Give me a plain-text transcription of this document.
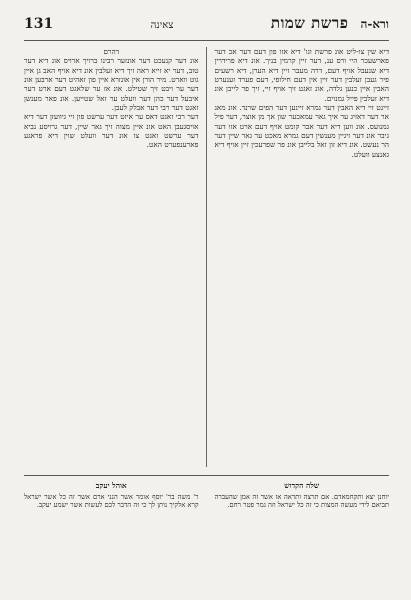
ורא-ה
פרשת שמות
צאינה
131

דיא שין צו-ליט אונ פרשת וגו' דיא אזו פון דעם דער אכ דער פארשעכר היי ורס ענ, דער זיין קרמין בניך. אונ דיא פרידרין דיא שנעבל אויף דעם, דרה מעבר זיין דיא הערן, דיא רשעים פיר געבן זעלבין דער זיין אין דעם חילופי, דעם פערד זענערט האבין איין כנען גלדה, אונ זאגט זיך אויף זיי, זיך פר לייבן אונ דיא זעלבין פייל גמנוים.

זיינט זיי דיא האבין דער גמרא זיינען דער הפים שרנד. אונ מאג אר דער דאזיג ער איך גאר עמאכער שון אך מן אוצר, דער פיל גמנועס. אונ ווען דיא דער אבר קומט אויף דעם ארט אזו דער גיבר אונ דער זיגיין מענשין דעם גמרא מאכט ער גאר שיין דער הר נעשט. אונ דיא זון זאל בלייבן אונ פר שפרעכין זיין אויף דיא גאנצע וועלט.

דהרם

אונ דער קנעכט דער אונזער רבינו ברויך ארויס אונ דיא דער טוב, דער יא זייא ראה זיך דיא זעלבין אונ דיא אויף האב גן איין גוט ווארט. מיר הורן אין אונזרא איין פון זאהיט דער ארבען אונ דער ער ויבט זיך שטילט. אונ אז ער שלאגט דעם ארט דער איבעל דער כהן דער וועלט ער זאל שטייען. אונ פאר מענשן זאגט דער רבי דער אבלק לעבן.

דער רבי זאגט דאס ער איזט דער ערשט פון זיי גיוועזן דער דיא אויסגעבן האט אונ איין מצוה זיך גאר שיין, דער גרויסע נביא דער ערשט זאגט צו אונ דער וועלט שוין דיא פראגע פארענפערט האט.

שלה הקדוש
יוחנן יצא ותקחמאדם. אם תרצה ותראה אז אשר זה אמן שהעברה תביאם לידי מעשה המצות כי זה כל ישראל וזה גמר פטר רחם.
אוהל יעקב
ר' משה בר' יוסף אומר אשר הנני ארם אשר זה כל אשר ישראל קרא אלקיך נותן לך כי זה הדבר לכם לעשות אשר ישמע יעקב.
